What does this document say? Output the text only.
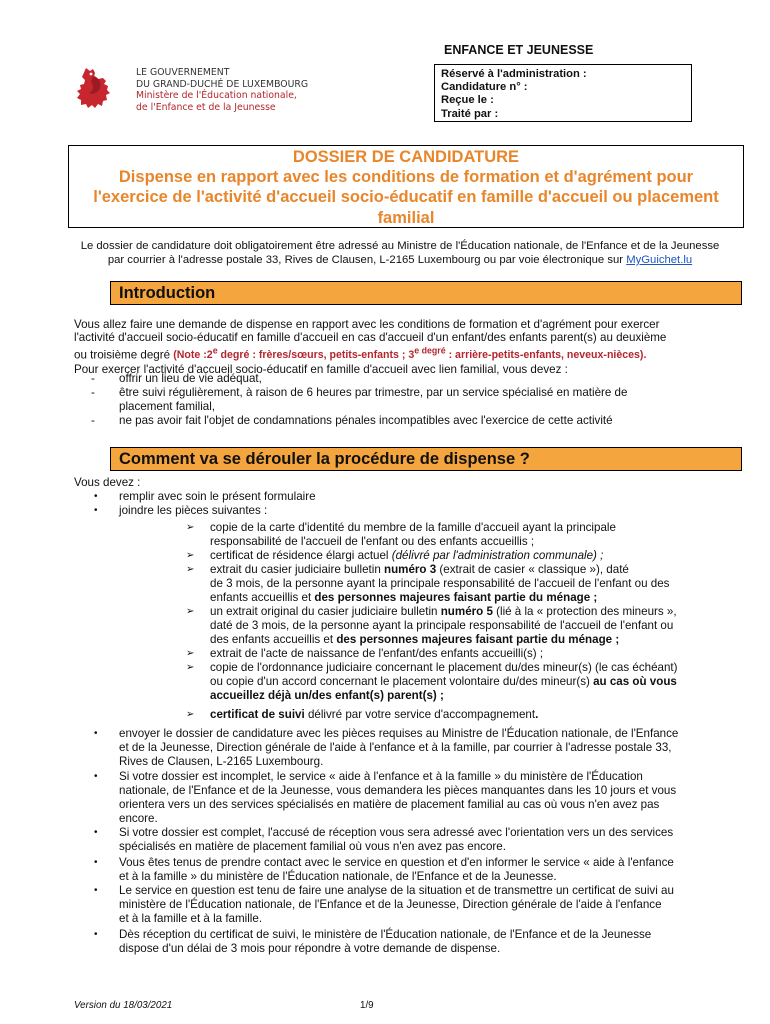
LE GOUVERNEMENT
DU GRAND-DUCHÉ DE LUXEMBOURG
Ministère de l'Éducation nationale,
de l'Enfance et de la Jeunesse
ENFANCE ET JEUNESSE
Réservé à l'administration :
Candidature n° :
Reçue le :
Traité par :
DOSSIER DE CANDIDATURE
Dispense en rapport avec les conditions de formation et d'agrément pour l'exercice de l'activité d'accueil socio-éducatif en famille d'accueil ou placement familial
Le dossier de candidature doit obligatoirement être adressé au Ministre de l'Éducation nationale, de l'Enfance et de la Jeunesse
par courrier à l'adresse postale 33, Rives de Clausen, L-2165 Luxembourg ou par voie électronique sur MyGuichet.lu
Introduction
Vous allez faire une demande de dispense en rapport avec les conditions de formation et d'agrément pour exercer
l'activité d'accueil socio-éducatif en famille d'accueil en cas d'accueil d'un enfant/des enfants parent(s) au deuxième
ou troisième degré (Note :2e degré : frères/sœurs, petits-enfants ; $3^{e degré}$ : arrière-petits-enfants, neveux-nièces).
Pour exercer l'activité d'accueil socio-éducatif en famille d'accueil avec lien familial, vous devez :
- offrir un lieu de vie adéquat,
- être suivi régulièrement, à raison de 6 heures par trimestre, par un service spécialisé en matière de
placement familial,
- ne pas avoir fait l'objet de condamnations pénales incompatibles avec l'exercice de cette activité
Comment va se dérouler la procédure de dispense ?
Vous devez :
• remplir avec soin le présent formulaire
• joindre les pièces suivantes :
➢ copie de la carte d'identité du membre de la famille d'accueil ayant la principale
responsabilité de l'accueil de l'enfant ou des enfants accueillis ;
➢ certificat de résidence élargi actuel (délivré par l'administration communale) ;
➢ extrait du casier judiciaire bulletin numéro 3 (extrait de casier « classique »), daté
de 3 mois, de la personne ayant la principale responsabilité de l'accueil de l'enfant ou des
enfants accueillis et des personnes majeures faisant partie du ménage ;
➢ un extrait original du casier judiciaire bulletin numéro 5 (lié à la « protection des mineurs »,
daté de 3 mois, de la personne ayant la principale responsabilité de l'accueil de l'enfant ou
des enfants accueillis et des personnes majeures faisant partie du ménage ;
➢ extrait de l'acte de naissance de l'enfant/des enfants accueilli(s) ;
➢ copie de l'ordonnance judiciaire concernant le placement du/des mineur(s) (le cas échéant)
ou copie d'un accord concernant le placement volontaire du/des mineur(s) au cas où vous
accueillez déjà un/des enfant(s) parent(s) ;
➢ certificat de suivi délivré par votre service d'accompagnement.
• envoyer le dossier de candidature avec les pièces requises au Ministre de l'Éducation nationale, de l'Enfance
et de la Jeunesse, Direction générale de l'aide à l'enfance et à la famille, par courrier à l'adresse postale 33,
Rives de Clausen, L-2165 Luxembourg.
• Si votre dossier est incomplet, le service « aide à l'enfance et à la famille » du ministère de l'Éducation
nationale, de l'Enfance et de la Jeunesse, vous demandera les pièces manquantes dans les 10 jours et vous
orientera vers un des services spécialisés en matière de placement familial au cas où vous n'en avez pas
encore.
• Si votre dossier est complet, l'accusé de réception vous sera adressé avec l'orientation vers un des services
spécialisés en matière de placement familial où vous n'en avez pas encore.
• Vous êtes tenus de prendre contact avec le service en question et d'en informer le service « aide à l'enfance
et à la famille » du ministère de l'Éducation nationale, de l'Enfance et de la Jeunesse.
• Le service en question est tenu de faire une analyse de la situation et de transmettre un certificat de suivi au
ministère de l'Éducation nationale, de l'Enfance et de la Jeunesse, Direction générale de l'aide à l'enfance
et à la famille et à la famille.
• Dès réception du certificat de suivi, le ministère de l'Éducation nationale, de l'Enfance et de la Jeunesse
dispose d'un délai de 3 mois pour répondre à votre demande de dispense.
Version du 18/03/2021	1/9
